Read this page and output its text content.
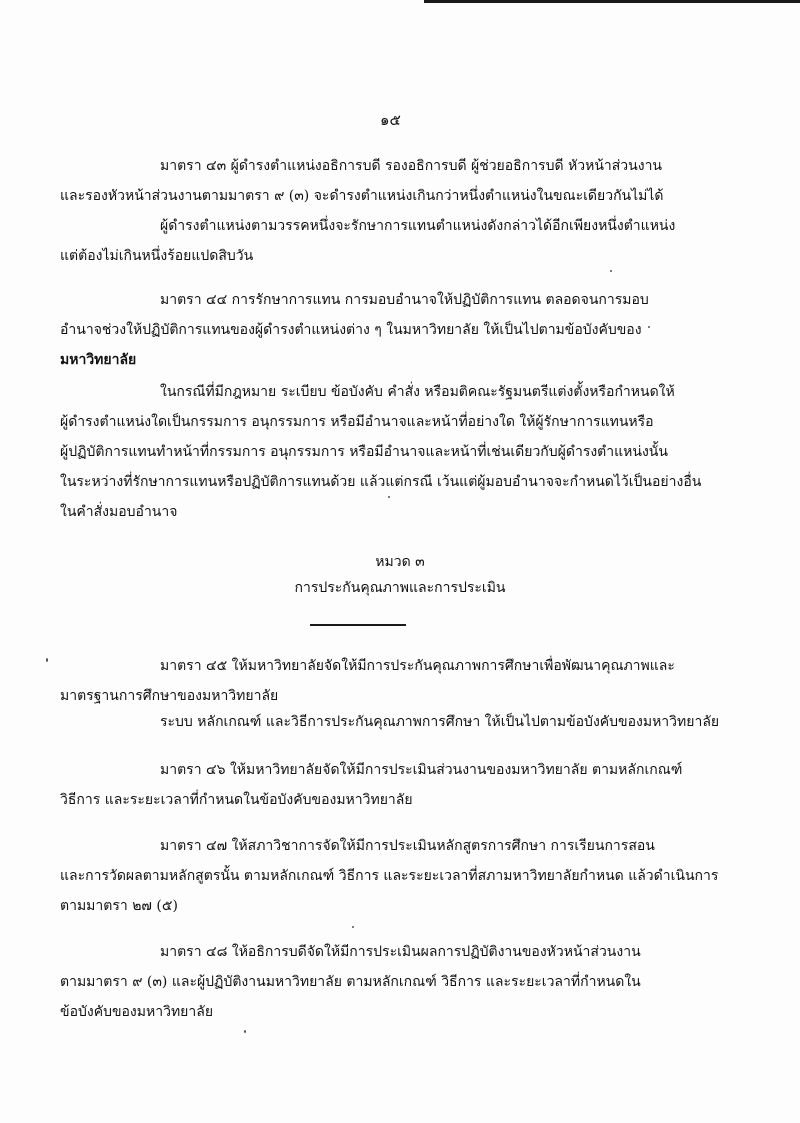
๑๕
มาตรา ๔๓ ผู้ดำรงตำแหน่งอธิการบดี รองอธิการบดี ผู้ช่วยอธิการบดี หัวหน้าส่วนงาน
และรองหัวหน้าส่วนงานตามมาตรา ๙ (๓) จะดำรงตำแหน่งเกินกว่าหนึ่งตำแหน่งในขณะเดียวกันไม่ได้
ผู้ดำรงตำแหน่งตามวรรคหนึ่งจะรักษาการแทนตำแหน่งดังกล่าวได้อีกเพียงหนึ่งตำแหน่ง
แต่ต้องไม่เกินหนึ่งร้อยแปดสิบวัน
มาตรา ๔๔ การรักษาการแทน การมอบอำนาจให้ปฏิบัติการแทน ตลอดจนการมอบ
อำนาจช่วงให้ปฏิบัติการแทนของผู้ดำรงตำแหน่งต่าง ๆ ในมหาวิทยาลัย ให้เป็นไปตามข้อบังคับของ
มหาวิทยาลัย
ในกรณีที่มีกฎหมาย ระเบียบ ข้อบังคับ คำสั่ง หรือมติคณะรัฐมนตรีแต่งตั้งหรือกำหนดให้
ผู้ดำรงตำแหน่งใดเป็นกรรมการ อนุกรรมการ หรือมีอำนาจและหน้าที่อย่างใด ให้ผู้รักษาการแทนหรือ
ผู้ปฏิบัติการแทนทำหน้าที่กรรมการ อนุกรรมการ หรือมีอำนาจและหน้าที่เช่นเดียวกับผู้ดำรงตำแหน่งนั้น
ในระหว่างที่รักษาการแทนหรือปฏิบัติการแทนด้วย แล้วแต่กรณี เว้นแต่ผู้มอบอำนาจจะกำหนดไว้เป็นอย่างอื่น
ในคำสั่งมอบอำนาจ
หมวด ๓
การประกันคุณภาพและการประเมิน
มาตรา ๔๕ ให้มหาวิทยาลัยจัดให้มีการประกันคุณภาพการศึกษาเพื่อพัฒนาคุณภาพและ
มาตรฐานการศึกษาของมหาวิทยาลัย
ระบบ หลักเกณฑ์ และวิธีการประกันคุณภาพการศึกษา ให้เป็นไปตามข้อบังคับของมหาวิทยาลัย
มาตรา ๔๖ ให้มหาวิทยาลัยจัดให้มีการประเมินส่วนงานของมหาวิทยาลัย ตามหลักเกณฑ์
วิธีการ และระยะเวลาที่กำหนดในข้อบังคับของมหาวิทยาลัย
มาตรา ๔๗ ให้สภาวิชาการจัดให้มีการประเมินหลักสูตรการศึกษา การเรียนการสอน
และการวัดผลตามหลักสูตรนั้น ตามหลักเกณฑ์ วิธีการ และระยะเวลาที่สภามหาวิทยาลัยกำหนด แล้วดำเนินการ
ตามมาตรา ๒๗ (๕)
มาตรา ๔๘ ให้อธิการบดีจัดให้มีการประเมินผลการปฏิบัติงานของหัวหน้าส่วนงาน
ตามมาตรา ๙ (๓) และผู้ปฏิบัติงานมหาวิทยาลัย ตามหลักเกณฑ์ วิธีการ และระยะเวลาที่กำหนดใน
ข้อบังคับของมหาวิทยาลัย
